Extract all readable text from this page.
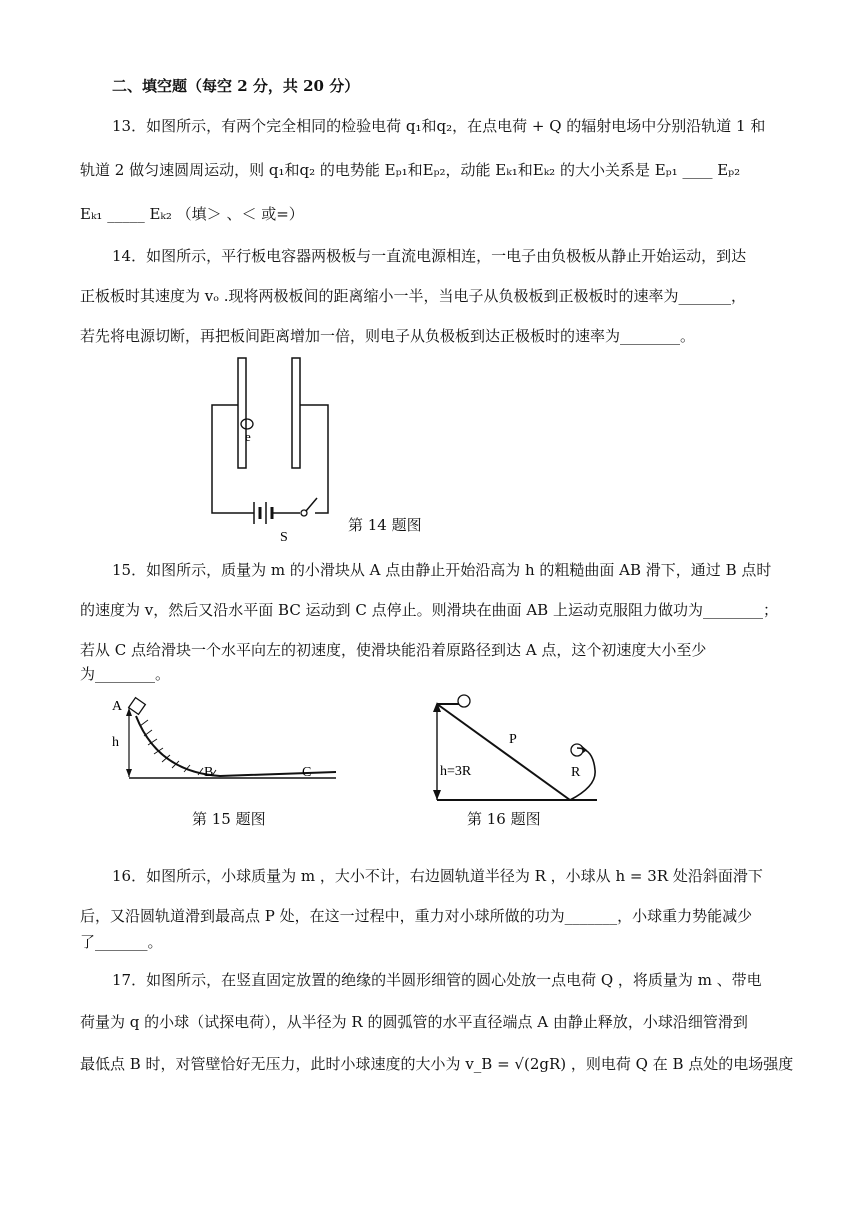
二、填空题（每空 2 分，共 20 分）
13．如图所示，有两个完全相同的检验电荷 q₁和q₂，在点电荷 + Q 的辐射电场中分别沿轨道 1 和
轨道 2 做匀速圆周运动，则 q₁和q₂ 的电势能 Eₚ₁和Eₚ₂，动能 Eₖ₁和Eₖ₂ 的大小关系是 Eₚ₁ ____ Eₚ₂
Eₖ₁ _____ Eₖ₂ （填＞ 、＜ 或=）
14．如图所示，平行板电容器两极板与一直流电源相连，一电子由负极板从静止开始运动，到达
正板板时其速度为 vₒ .现将两极板间的距离缩小一半，当电子从负极板到正极板时的速率为_______，
若先将电源切断，再把板间距离增加一倍，则电子从负极板到达正极板时的速率为________。
e
S
第 14 题图
15．如图所示，质量为 m 的小滑块从 A 点由静止开始沿高为 h 的粗糙曲面 AB 滑下，通过 B 点时
的速度为 v，然后又沿水平面 BC 运动到 C 点停止。则滑块在曲面 AB 上运动克服阻力做功为________；
若从 C 点给滑块一个水平向左的初速度，使滑块能沿着原路径到达 A 点，这个初速度大小至少
为________。
A
h
B	C
第 15 题图
P
h=3R	R
第 16 题图
16．如图所示，小球质量为 m ，大小不计，右边圆轨道半径为 R ，小球从 h = 3R 处沿斜面滑下
后，又沿圆轨道滑到最高点 P 处，在这一过程中，重力对小球所做的功为_______，小球重力势能减少
了_______。
17．如图所示，在竖直固定放置的绝缘的半圆形细管的圆心处放一点电荷 Q ，将质量为 m 、带电
荷量为 q 的小球（试探电荷），从半径为 R 的圆弧管的水平直径端点 A 由静止释放，小球沿细管滑到
最低点 B 时，对管壁恰好无压力，此时小球速度的大小为 v_B = √(2gR) ，则电荷 Q 在 B 点处的电场强度
